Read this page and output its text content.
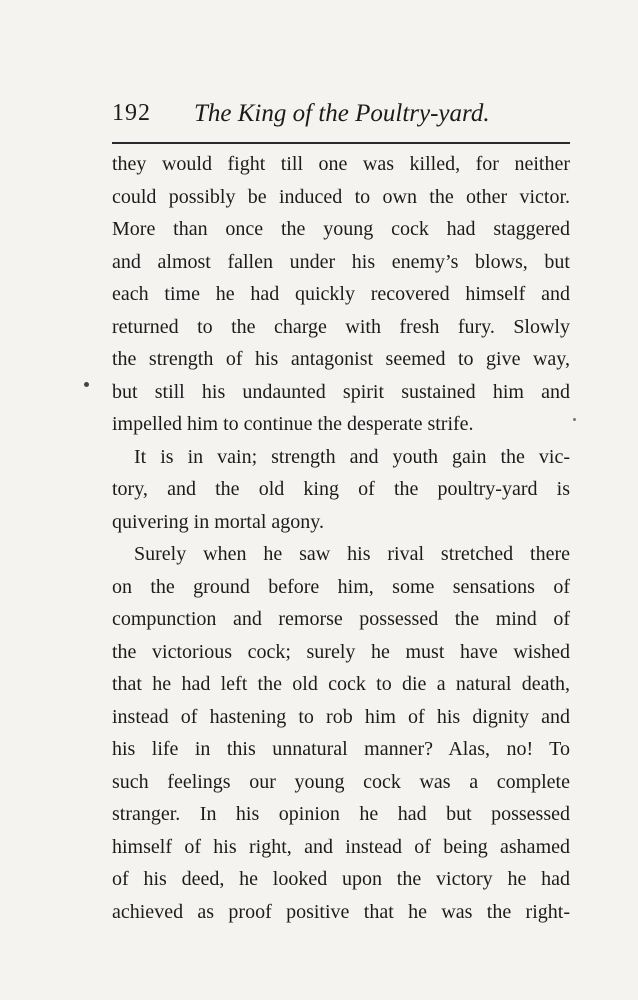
192 The King of the Poultry-yard.
they would fight till one was killed, for neither
could possibly be induced to own the other victor.
More than once the young cock had staggered
and almost fallen under his enemy’s blows, but
each time he had quickly recovered himself and
returned to the charge with fresh fury. Slowly
the strength of his antagonist seemed to give way,
but still his undaunted spirit sustained him and
impelled him to continue the desperate strife.
It is in vain; strength and youth gain the vic-
tory, and the old king of the poultry-yard is
quivering in mortal agony.
Surely when he saw his rival stretched there
on the ground before him, some sensations of
compunction and remorse possessed the mind of
the victorious cock; surely he must have wished
that he had left the old cock to die a natural death,
instead of hastening to rob him of his dignity and
his life in this unnatural manner? Alas, no! To
such feelings our young cock was a complete
stranger. In his opinion he had but possessed
himself of his right, and instead of being ashamed
of his deed, he looked upon the victory he had
achieved as proof positive that he was the right-
